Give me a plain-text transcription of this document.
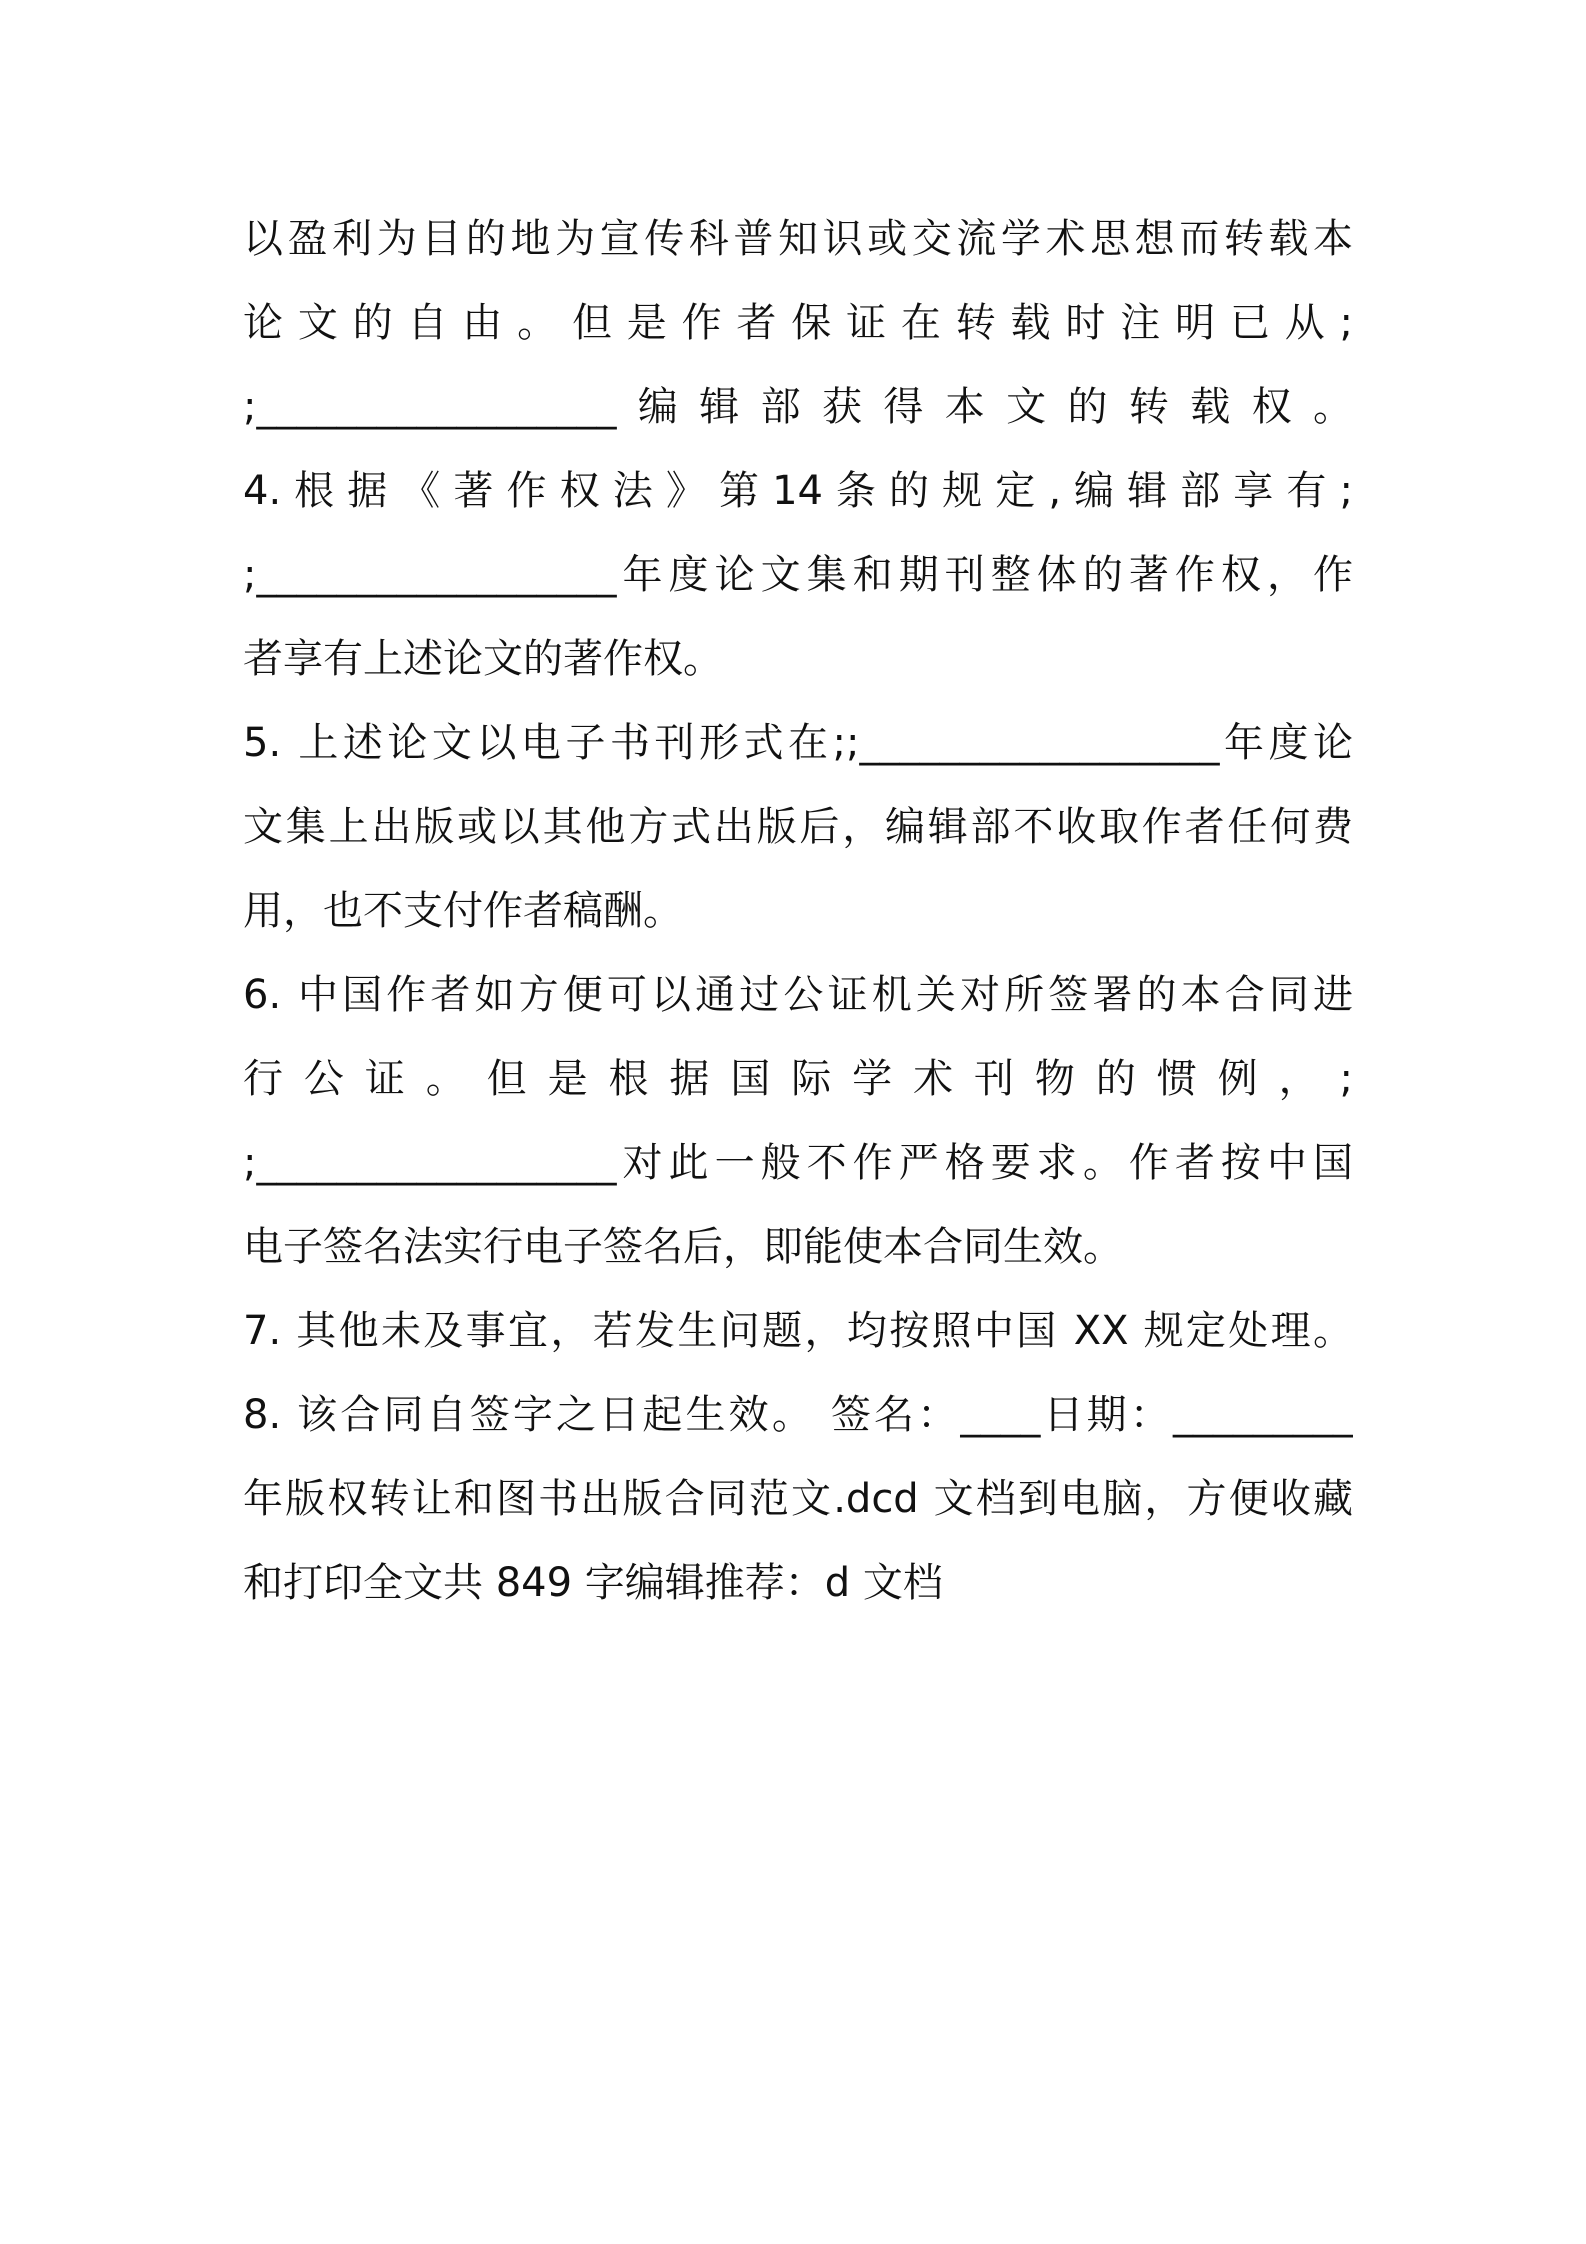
以盈利为目的地为宣传科普知识或交流学术思想而转载本
论 文 的 自 由 。 但 是 作 者 保 证 在 转 载 时 注 明 已 从 ;
;__________________编辑部获得本文的转载权。
4. 根 据 《 著 作 权 法 》 第 14 条 的 规 定 , 编 辑 部 享 有 ;
;__________________年度论文集和期刊整体的著作权，作
者享有上述论文的著作权。
5. 上述论文以电子书刊形式在;;__________________年度论
文集上出版或以其他方式出版后，编辑部不收取作者任何费
用，也不支付作者稿酬。
6. 中国作者如方便可以通过公证机关对所签署的本合同进
行 公 证 。 但 是 根 据 国 际 学 术 刊 物 的 惯 例 ， ;
;__________________对此一般不作严格要求。作者按中国
电子签名法实行电子签名后，即能使本合同生效。
7. 其他未及事宜，若发生问题，均按照中国 XX 规定处理。
8. 该合同自签字之日起生效。 签名：____日期：_________
年版权转让和图书出版合同范文.dcd 文档到电脑，方便收藏
和打印全文共 849 字编辑推荐：d 文档
